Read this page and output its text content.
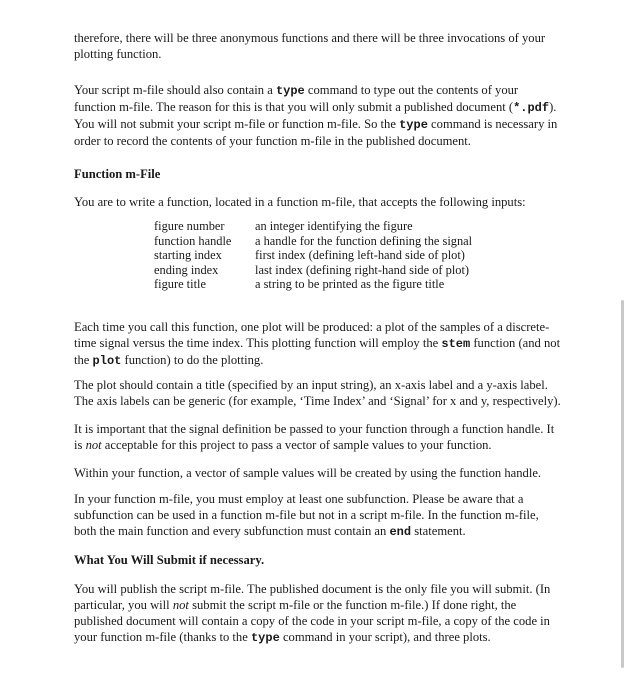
therefore, there will be three anonymous functions and there will be three invocations of your
plotting function.

Your script m-file should also contain a type command to type out the contents of your
function m-file. The reason for this is that you will only submit a published document (*.pdf).
You will not submit your script m-file or function m-file. So the type command is necessary in
order to record the contents of your function m-file in the published document.

Function m-File

You are to write a function, located in a function m-file, that accepts the following inputs:

figure number	an integer identifying the figure
function handle	a handle for the function defining the signal
starting index	first index (defining left-hand side of plot)
ending index	last index (defining right-hand side of plot)
figure title	a string to be printed as the figure title

Each time you call this function, one plot will be produced: a plot of the samples of a discrete-
time signal versus the time index. This plotting function will employ the stem function (and not
the plot function) to do the plotting.

The plot should contain a title (specified by an input string), an x-axis label and a y-axis label.
The axis labels can be generic (for example, ‘Time Index’ and ‘Signal’ for x and y, respectively).

It is important that the signal definition be passed to your function through a function handle. It
is not acceptable for this project to pass a vector of sample values to your function.

Within your function, a vector of sample values will be created by using the function handle.

In your function m-file, you must employ at least one subfunction. Please be aware that a
subfunction can be used in a function m-file but not in a script m-file. In the function m-file,
both the main function and every subfunction must contain an end statement.

What You Will Submit if necessary.

You will publish the script m-file. The published document is the only file you will submit. (In
particular, you will not submit the script m-file or the function m-file.) If done right, the
published document will contain a copy of the code in your script m-file, a copy of the code in
your function m-file (thanks to the type command in your script), and three plots.
